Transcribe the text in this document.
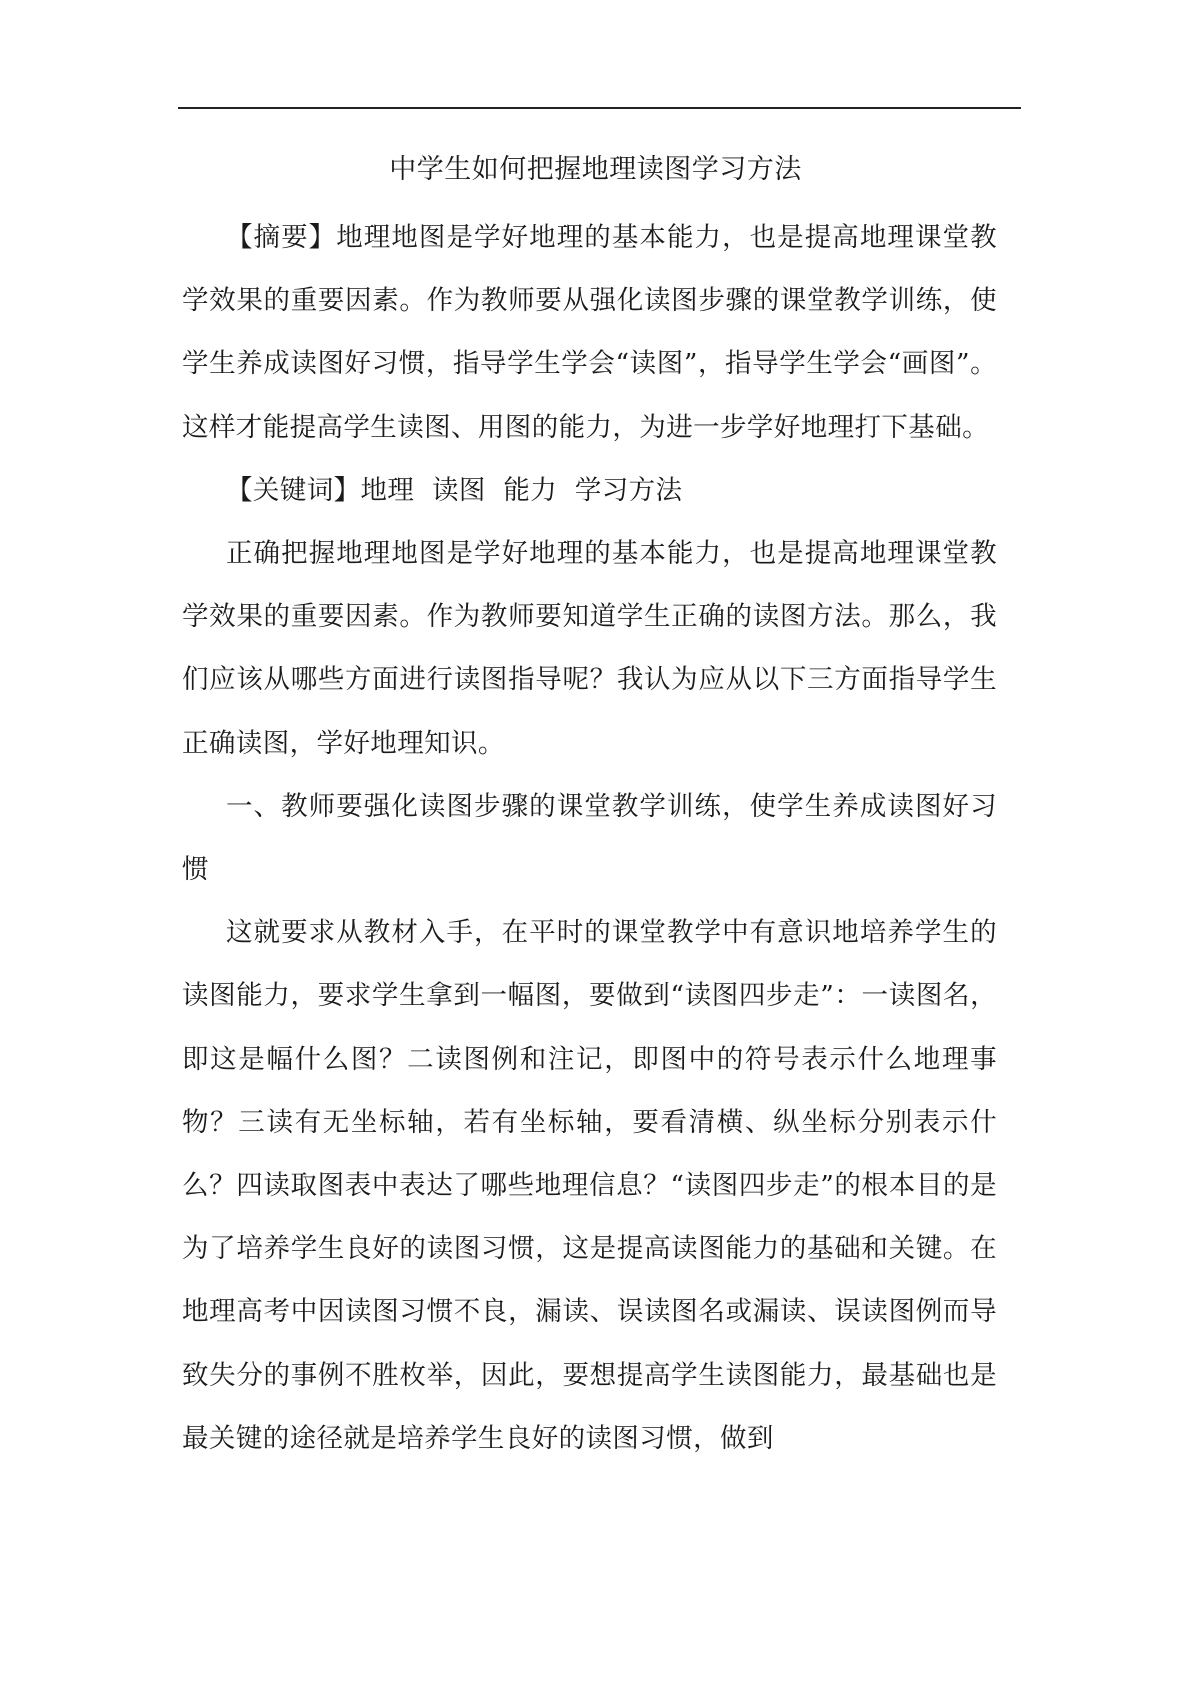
中学生如何把握地理读图学习方法

【摘要】地理地图是学好地理的基本能力，也是提高地理课堂教学效果的重要因素。作为教师要从强化读图步骤的课堂教学训练，使学生养成读图好习惯，指导学生学会“读图”，指导学生学会“画图”。这样才能提高学生读图、用图的能力，为进一步学好地理打下基础。

【关键词】地理  读图  能力  学习方法

正确把握地理地图是学好地理的基本能力，也是提高地理课堂教学效果的重要因素。作为教师要知道学生正确的读图方法。那么，我们应该从哪些方面进行读图指导呢？我认为应从以下三方面指导学生正确读图，学好地理知识。

一、教师要强化读图步骤的课堂教学训练，使学生养成读图好习惯

这就要求从教材入手，在平时的课堂教学中有意识地培养学生的读图能力，要求学生拿到一幅图，要做到“读图四步走”：一读图名，即这是幅什么图？二读图例和注记，即图中的符号表示什么地理事物？三读有无坐标轴，若有坐标轴，要看清横、纵坐标分别表示什么？四读取图表中表达了哪些地理信息？“读图四步走”的根本目的是为了培养学生良好的读图习惯，这是提高读图能力的基础和关键。在地理高考中因读图习惯不良，漏读、误读图名或漏读、误读图例而导致失分的事例不胜枚举，因此，要想提高学生读图能力，最基础也是最关键的途径就是培养学生良好的读图习惯，做到
